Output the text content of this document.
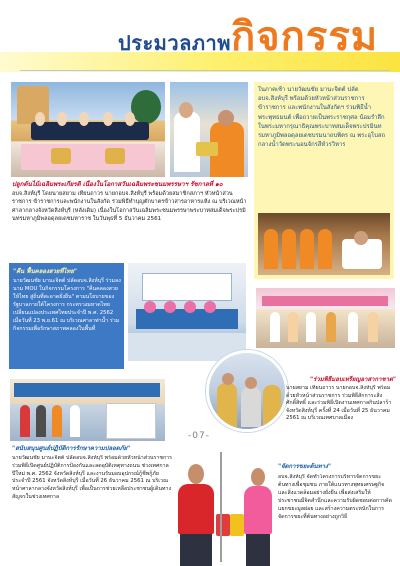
ประมวลภาพกิจกรรม
ในภาคเช้า นายวัฒนชัย มานะจิตต์ ปลัดอบจ.สิงห์บุรี พร้อมด้วยหัวหน้าส่วนราชการ ข้าราชการ และพนักงานในสังกัดฯ ร่วมพิธีน้ำพระพุทธมนต์ เพื่อถวายเป็นพระราชกุศล น้อมรำลึกในพระมหากรุณาธิคุณพระบาทสมเด็จพระปรมินทรมหาภูมิพลอดุลยเดชบรมนาถบพิตร ณ พระอุโบสถกลางน้ำวัดพระนอนจักรสีห์วรวิหาร
ปลูกต้นไม้เฉลิมพระเกียรติ เนื่องในโอกาสวันเฉลิมพระชนมพรรษาฯ รัชกาลที่ ๑๐
อบจ.สิงห์บุรี โดยนายสยาม เทียนถาวร นายกอบจ.สิงห์บุรี พร้อมด้วยสมาชิกสภาฯ หัวหน้าส่วนราชการ ข้าราชการและพนักงานในสังกัด ร่วมพิธีทำบุญตักบาตรข้าวสารอาหารแห้ง ณ บริเวณหน้าศาลากลางจังหวัดสิงห์บุรี (หลังเดิม) เนื่องในโอกาสวันเฉลิมพระชนมพรรษาพระบาทสมเด็จพระปรมินทรมหาภูมิพลอดุลยเดชมหาราช ในวันพุธที่ 5 ธันวาคม 2561
"คืน ฟื้นคลองสวยที่ไทย"
นายวัฒนชัย มานะจิตต์ ปลัดอบจ.สิงห์บุรี ร่วมลงนาม MOU ในกิจกรรมโครงการ "คืนคลองสวยให้ไทย สู่ถิ่นที่สะอาดยั่งยืน" ตามนโยบายของรัฐบาลภายใต้โครงการ กระทรวงมหาดไทยเปลี่ยนแปลงประเทศไทยประจำปี พ.ศ. 2562 เมื่อวันที่ 23 พ.ย.61 ณ บริเวณศาลาท่าน้ำ ร่วมกิจกรรมเพื่อรักษาสภาพคลองในพื้นที่
"ร่วมพิธีมอบเหรียญอาสากาชาด"
นายสยาม เทียนถาวร นายกอบจ.สิงห์บุรี พร้อมด้วยหัวหน้าส่วนราชการ ร่วมพิธีสักการะสิ่งศักดิ์สิทธิ์ และร่วมพิธีเปิดงานเทศกาลกินปลาร้าจังหวัดสิงห์บุรี ครั้งที่ 24 เมื่อวันที่ 25 ธันวาคม 2561 ณ บริเวณเทศบาลเมือง
-07-
"สนับสนุนศูนย์ปฏิบัติการรักษาความปลอดภัย"
นายวัฒนชัย มานะจิตต์ ปลัดอบจ.สิงห์บุรี พร้อมด้วยหัวหน้าส่วนราชการ ร่วมพิธีเปิดศูนย์ปฏิบัติการป้องกันและลดอุบัติเหตุทางถนน ช่วงเทศกาลปีใหม่ พ.ศ. 2562 จังหวัดสิงห์บุรี และงานรับมอบอุปกรณ์กู้ชีพกู้ภัย ประจำปี 2561 จังหวัดสิงห์บุรี เมื่อวันที่ 26 ธันวาคม 2561 ณ บริเวณหน้าศาลากลางจังหวัดสิงห์บุรี เพื่อเป็นการช่วยเหลือประชาชนผู้เดินทางสัญจรในช่วงเทศกาล
"จัดการขยะต้นทาง"
อบจ.สิงห์บุรี จัดทำโครงการบริหารจัดการขยะต้นทางเพื่อชุมชน ภายใต้แนวทางพุทธเศรษฐกิจ และสิ่งแวดล้อมอย่างยั่งยืน เพื่อส่งเสริมให้ประชาชนมีจิตสำนึกและความรับผิดชอบต่อการคัดแยกขยะมูลฝอย และสร้างความตระหนักในการจัดการขยะที่ต้นทางอย่างถูกวิธี
